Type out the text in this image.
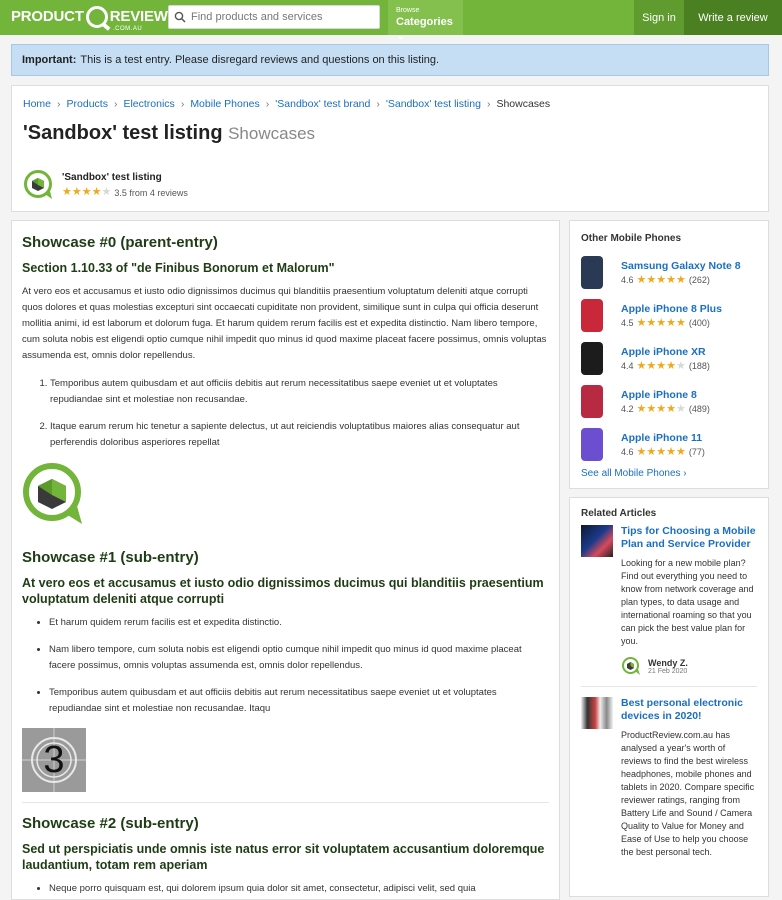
PRODUCT REVIEW
.COM.AU
Find products and services
Browse
Categories ⌄
Sign in	Write a review
Important: This is a test entry. Please disregard reviews and questions on this listing.
Home › Products › Electronics › Mobile Phones › 'Sandbox' test brand › 'Sandbox' test listing › Showcases
'Sandbox' test listing Showcases
'Sandbox' test listing
★ ★ ★ ★ ★ 3.5 from 4 reviews
Showcase #0 (parent-entry)
Section 1.10.33 of "de Finibus Bonorum et Malorum"

At vero eos et accusamus et iusto odio dignissimos ducimus qui blanditiis praesentium voluptatum deleniti atque corrupti quos dolores et quas molestias excepturi sint occaecati cupiditate non provident, similique sunt in culpa qui officia deserunt mollitia animi, id est laborum et dolorum fuga. Et harum quidem rerum facilis est et expedita distinctio. Nam libero tempore, cum soluta nobis est eligendi optio cumque nihil impedit quo minus id quod maxime placeat facere possimus, omnis voluptas assumenda est, omnis dolor repellendus.

1. Temporibus autem quibusdam et aut officiis debitis aut rerum necessitatibus saepe eveniet ut et voluptates repudiandae sint et molestiae non recusandae.
2. Itaque earum rerum hic tenetur a sapiente delectus, ut aut reiciendis voluptatibus maiores alias consequatur aut perferendis doloribus asperiores repellat
Showcase #1 (sub-entry)
At vero eos et accusamus et iusto odio dignissimos ducimus qui blanditiis praesentium voluptatum deleniti atque corrupti
• Et harum quidem rerum facilis est et expedita distinctio.
• Nam libero tempore, cum soluta nobis est eligendi optio cumque nihil impedit quo minus id quod maxime placeat facere possimus, omnis voluptas assumenda est, omnis dolor repellendus.
• Temporibus autem quibusdam et aut officiis debitis aut rerum necessitatibus saepe eveniet ut et voluptates repudiandae sint et molestiae non recusandae. Itaqu
3
Showcase #2 (sub-entry)
Sed ut perspiciatis unde omnis iste natus error sit voluptatem accusantium doloremque laudantium, totam rem aperiam
• Neque porro quisquam est, qui dolorem ipsum quia dolor sit amet, consectetur, adipisci velit, sed quia
Other Mobile Phones
Samsung Galaxy Note 8
4.6 ★ ★ ★ ★ ★ (262)
Apple iPhone 8 Plus
4.5 ★ ★ ★ ★ ★ (400)
Apple iPhone XR
4.4 ★ ★ ★ ★ ★ (188)
Apple iPhone 8
4.2 ★ ★ ★ ★ ★ (489)
Apple iPhone 11
4.6 ★ ★ ★ ★ ★ (77)
See all Mobile Phones ›
Related Articles
Tips for Choosing a Mobile Plan and Service Provider
Looking for a new mobile plan? Find out everything you need to know from network coverage and plan types, to data usage and international roaming so that you can pick the best value plan for you.
Wendy Z.
21 Feb 2020
Best personal electronic devices in 2020!
ProductReview.com.au has analysed a year's worth of reviews to find the best wireless headphones, mobile phones and tablets in 2020. Compare specific reviewer ratings, ranging from Battery Life and Sound / Camera Quality to Value for Money and Ease of Use to help you choose the best personal tech.
